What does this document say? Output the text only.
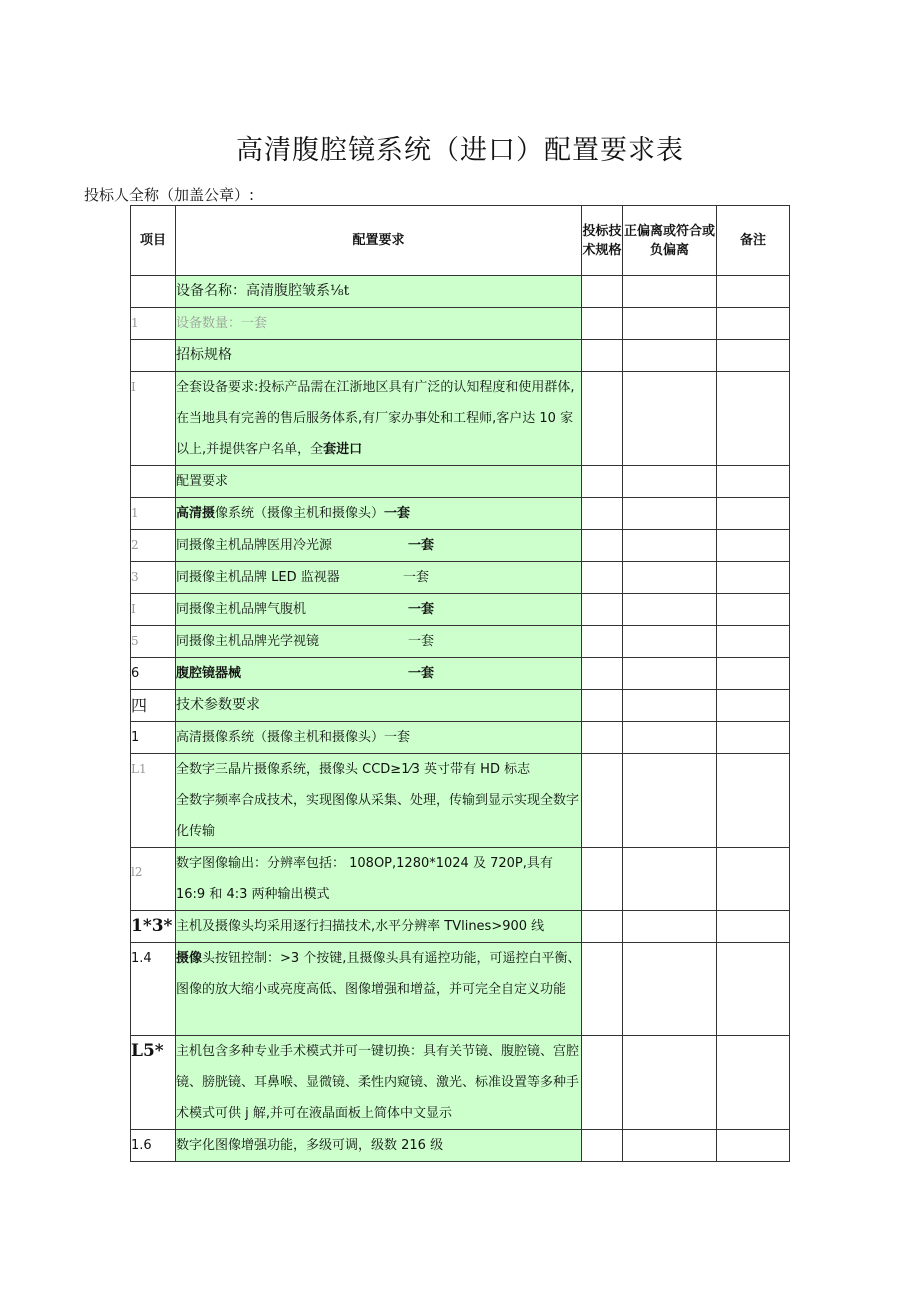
高清腹腔镜系统（进口）配置要求表
投标人全称（加盖公章）:
项目	配置要求	投标技术规格	正偏离或符合或负偏离	备注
	设备名称：高清腹腔皱系⅛t			
1	设备数量：一套			
	招标规格			
I	全套设备要求:投标产品需在江浙地区具有广泛的认知程度和使用群体,在当地具有完善的售后服务体系,有厂家办事处和工程师,客户达 10 家以上,并提供客户名单，全套进口			
	配置要求			
1	高清摄像系统（摄像主机和摄像头）一套			
2	同摄像主机品牌医用冷光源 一套			
3	同摄像主机品牌 LED 监视器 一套			
I	同摄像主机品牌气腹机 一套			
5	同摄像主机品牌光学视镜 一套			
6	腹腔镜器械 一套			
四	技术参数要求			
1	高清摄像系统（摄像主机和摄像头）一套			
L1	全数字三晶片摄像系统，摄像头 CCD≥1⁄3 英寸带有 HD 标志
全数字频率合成技术，实现图像从采集、处理，传输到显示实现全数字化传输			

l2	数字图像输出：分辨率包括： 108OP,1280*1024 及 720P,具有 16:9 和 4:3 两种输出模式			
1*3*	主机及摄像头均采用逐行扫描技术,水平分辨率 TVlines>900 线			
1.4	摄像头按钮控制：>3 个按键,且摄像头具有遥控功能，可遥控白平衡、图像的放大缩小或亮度高低、图像增强和增益，并可完全自定义功能			
L5*	主机包含多种专业手术模式并可一键切换：具有关节镜、腹腔镜、宫腔镜、膀胱镜、耳鼻喉、显微镜、柔性内窥镜、激光、标准设置等多种手术模式可供 j 解,并可在液晶面板上简体中文显示			
1.6	数字化图像增强功能，多级可调，级数 216 级			
